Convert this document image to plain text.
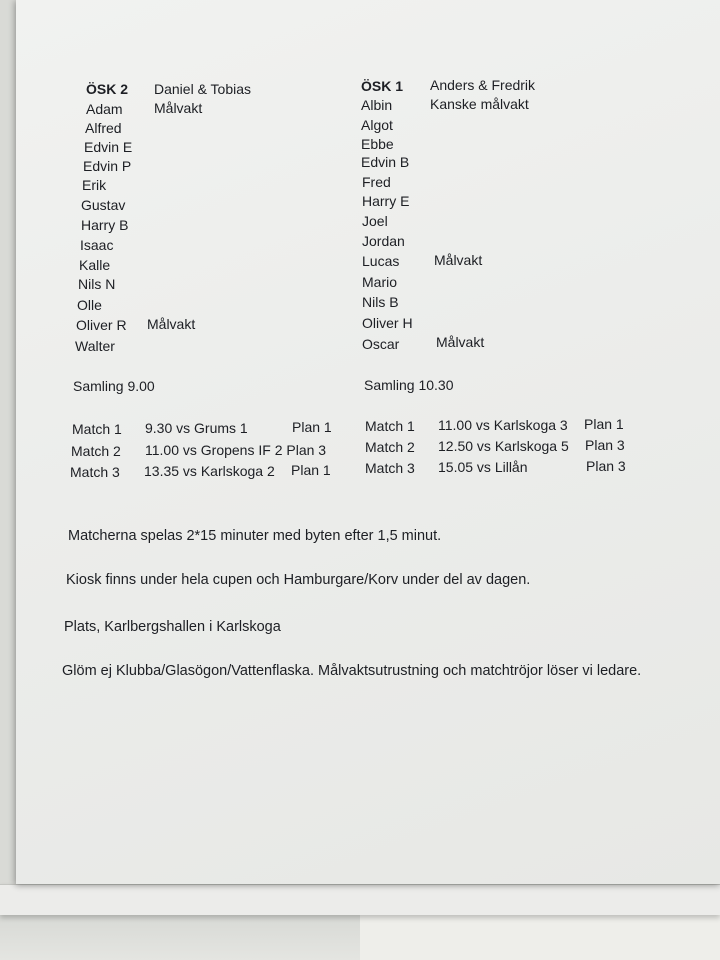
ÖSK 2 Daniel & Tobias
Adam Målvakt
Alfred
Edvin E
Edvin P
Erik
Gustav
Harry B
Isaac
Kalle
Nils N
Olle
Oliver R Målvakt
Walter
Samling 9.00
Match 1 9.30 vs Grums 1	Plan 1
Match 2 11.00 vs Gropens IF 2 Plan 3
Match 3 13.35 vs Karlskoga 2 Plan 1
ÖSK 1 Anders & Fredrik
Albin	Kanske målvakt
Algot
Ebbe
Edvin B
Fred
Harry E
Joel
Jordan
Lucas Målvakt
Mario
Nils B
Oliver H
Oscar	Målvakt
Samling 10.30
Match 1 11.00 vs Karlskoga 3 Plan 1
Match 2 12.50 vs Karlskoga 5 Plan 3
Match 3 15.05 vs Lillån	Plan 3
Matcherna spelas 2*15 minuter med byten efter 1,5 minut.
Kiosk finns under hela cupen och Hamburgare/Korv under del av dagen.
Plats, Karlbergshallen i Karlskoga
Glöm ej Klubba/Glasögon/Vattenflaska. Målvaktsutrustning och matchtröjor löser vi ledare.
